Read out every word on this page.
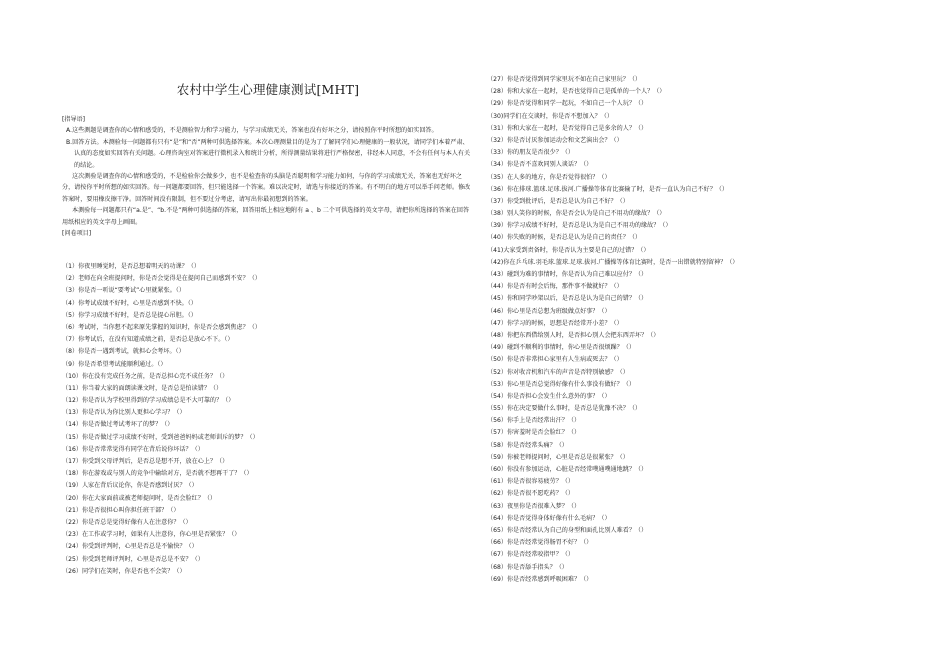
农村中学生心理健康测试[MHT]

[指导语]

A.这些测题是调查你的心情和感受的，不是测验智力和学习能力，与学习成绩无关，答案也没有好坏之分，请按照你平时所想的如实回答。

B.回答方法。本测验每一问题都有只有“是”和“否”两种可供选择答案。本次心理测量目的是为了了解同学们心理健康的一般状况，请同学们本着严肃、认真的态度如实回答有关问题。心理咨询室对答案进行微机录入和统计分析，所得测量结果将进行严格保密，非经本人同意，不会有任何与本人有关的结论。

这次测验是调查你的心情和感受的，不是检验你会做多少，也不是检查你的头脑是否聪明和学习能力如何，与你的学习成绩无关，答案也无好坏之分，请按你平时所想的如实回答。每一问题都要回答，但只能选择一个答案。难以决定时，请选与你接近的答案。有不明白的地方可以举手问老师。修改答案时，要用橡皮擦干净。回答时间没有限制，但不要过分考虑，请写出你最初想到的答案。

本测验每一问题都只有“a.是”、“b.不是”两种可供选择的答案，回答用纸上相应地附有 a 、b 二个可供选择的英文字母，请把你所选择的答案在回答用纸相应的英文字母上画圈。

[问卷项目]

（1）你夜里睡觉时，是否总想着明天的功课？（）
（2）老师在向全班提问时，你是否会觉得是在提问自己而感到不安？（）
（3）你是否一听说“要考试”心里就紧张。（）
（4）你考试成绩不好时，心里是否感到不快。（）
（5）你学习成绩不好时，是否总是提心吊胆。（）
（6）考试时，当你想不起来原先掌握的知识时，你是否会感到焦虑？（）
（7）你考试后，在没有知道成绩之前，是否总是放心不下。（）
（8）你是否一遇到考试，就担心会考坏。（）
（9）你是否希望考试能顺利通过。（）
（10）你在没有完成任务之前，是否总担心完不成任务？（）
（11）你当着大家的面朗读课文时，是否总是怕读错？（）
（12）你是否认为学校里得到的学习成绩总是不大可靠的？（）
（13）你是否认为你比别人更担心学习？（）
（14）你是否做过考试考坏了的梦？（）
（15）你是否做过学习成绩不好时，受到爸爸妈妈或老师训斥的梦？（）
（16）你是否常常觉得有同学在背后说你坏话？（）
（17）你受到父母评判后，是否总是想不开，放在心上？（）
（18）你在游戏或与别人的竞争中输给对方，是否就不想再干了？（）
（19）人家在背后议论你，你是否感到讨厌？（）
（20）你在大家面前或被老师提问时，是否会脸红？（）
（21）你是否很担心叫你担任班干部？（）
（22）你是否总是觉得好像有人在注意你？（）
（23）在工作或学习时，如果有人注意你，你心里是否紧张？（）
（24）你受到评判时，心里是否总是不愉快？（）
（25）你受到老师评判时，心里是否总是不安？（）
（26）同学们在笑时，你是否也不会笑？（）
（27）你是否觉得到同学家里玩不如在自己家里玩？（）
（28）你和大家在一起时，是否也觉得自己是孤单的一个人？（）
（29）你是否觉得和同学一起玩，不如自己一个人玩？（）
（30)同学们在交谈时，你是否不想加入？（）
（31）你和大家在一起时，是否觉得自己是多余的人？（）
（32）你是否讨厌参加运动会和文艺演出会？（）
（33）你的朋友是否很少？（）
（34）你是否不喜欢同别人谈话？（）
（35）在人多的地方，你是否觉得很怕？（）
（36）你在排球.篮球.足球.拔河.广播操等体育比赛输了时，是否一直认为自己不好？（）
（37）你受到批评后，是否总是认为自己不好？（）
（38）别人笑你的时候，你是否会认为是自己不用功的缘故？（）
（39）你学习成绩不好时，是否总是认为是自己不用功的缘故？（）
（40）你失败的时候，是否总是认为是自己的责任？（）
（41)大家受到责备时，你是否认为主要是自己的过错？（）
（42)你在乒乓球.羽毛球.篮球.足球.拔河.广播操等体育比赛时，是否一出错就特别留神？（）
（43）碰到为难的事情时，你是否认为自己难以应付？（）
（44）你是否有时会后悔，那件事不做就好？（）
（45）你和同学吵架以后，是否总是认为是自己的错？（）
（46）你心里是否总想为班级做点好事？（）
（47）你学习的时候，思想是否经常开小差？（）
（48）你把东西借给别人时，是否担心别人会把东西弄坏？（）
（49）碰到不顺利的事情时，你心里是否很烦躁？（）
（50）你是否非常担心家里有人生病或死去？（）
（52）你对收音机和汽车的声音是否特别敏感？（）
（53）你心里是否总觉得好像有什么事没有做好？（）
（54）你是否担心会发生什么意外的事？（）
（55）你在决定要做什么事时，是否总是犹豫不决？（）
（56）你手上是否经常出汗？（）
（57）你害羞时是否会脸红？（）
（58）你是否经常头痛？（）
（59）你被老师提问时，心里是否总是很紧张？（）
（60）你没有参加运动，心脏是否经常噗通噗通地跳？（）
（61）你是否很容易疲劳？（）
（62）你是否很不愿吃药？（）
（63）夜里你是否很难入梦？（）
（64）你是否觉得身体好像有什么毛病？（）
（65）你是否经常认为自己的身型和面孔比别人难看？（）
（66）你是否经常觉得肠胃不好？（）
（67）你是否经常咬指甲？（）
（68）你是否舔手指头？（）
（69）你是否经常感到呼吸困难？（）
